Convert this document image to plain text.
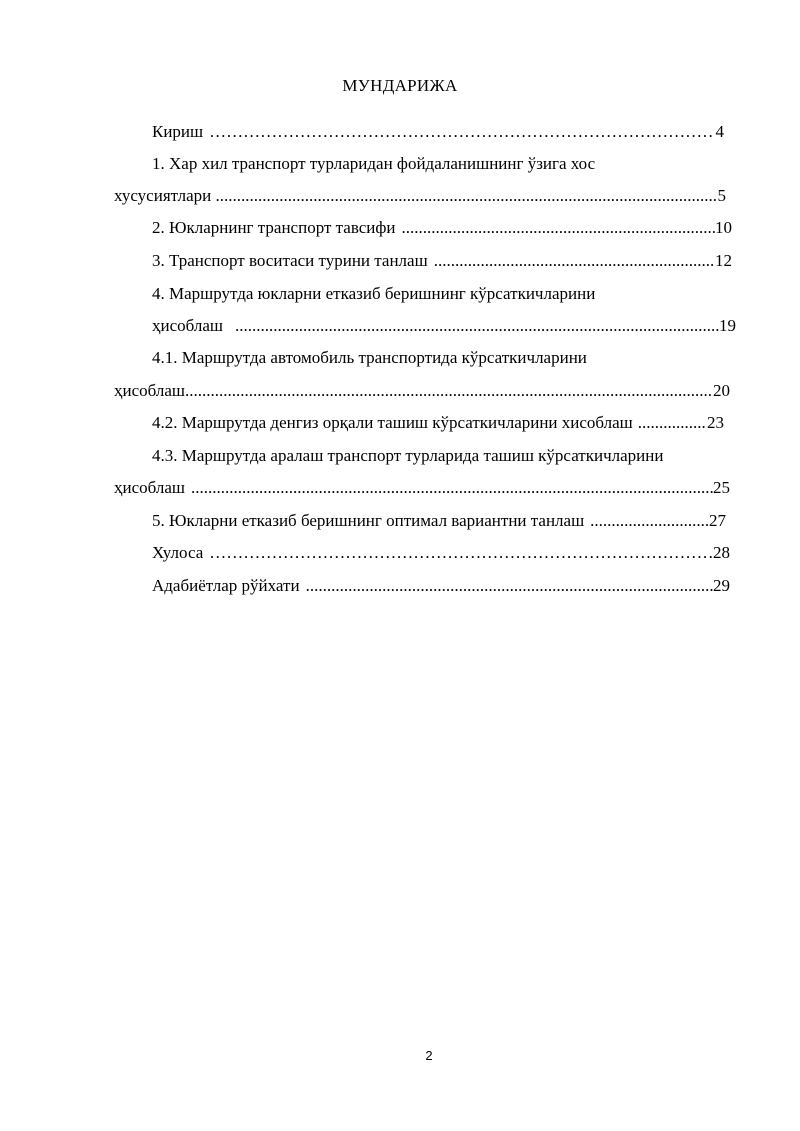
МУНДАРИЖА
Кириш ……………………………………………………………………………………………………………………	4
1. Хар хил транспорт турларидан фойдаланишнинг ўзига хос
хусусиятлари ... .....	5
2. Юкларнинг транспорт тавсифи .....	10
3. Транспорт воситаси турини танлаш .....	12
4. Маршрутда юкларни етказиб беришнинг кўрсаткичларини
ҳисоблаш .....	19
4.1. Маршрутда автомобиль транспортида кўрсаткичларини
ҳисоблаш .....	20
4.2. Маршрутда денгиз орқали ташиш кўрсаткичларини хисоблаш .....	23
4.3. Маршрутда аралаш транспорт турларида ташиш кўрсаткичларини
ҳисоблаш .....	25
5. Юкларни етказиб беришнинг оптимал вариантни танлаш .....	27
Хулоса ……………………………………………………………………………………………………………………	28
Адабиётлар рўйхати .....	29
2
